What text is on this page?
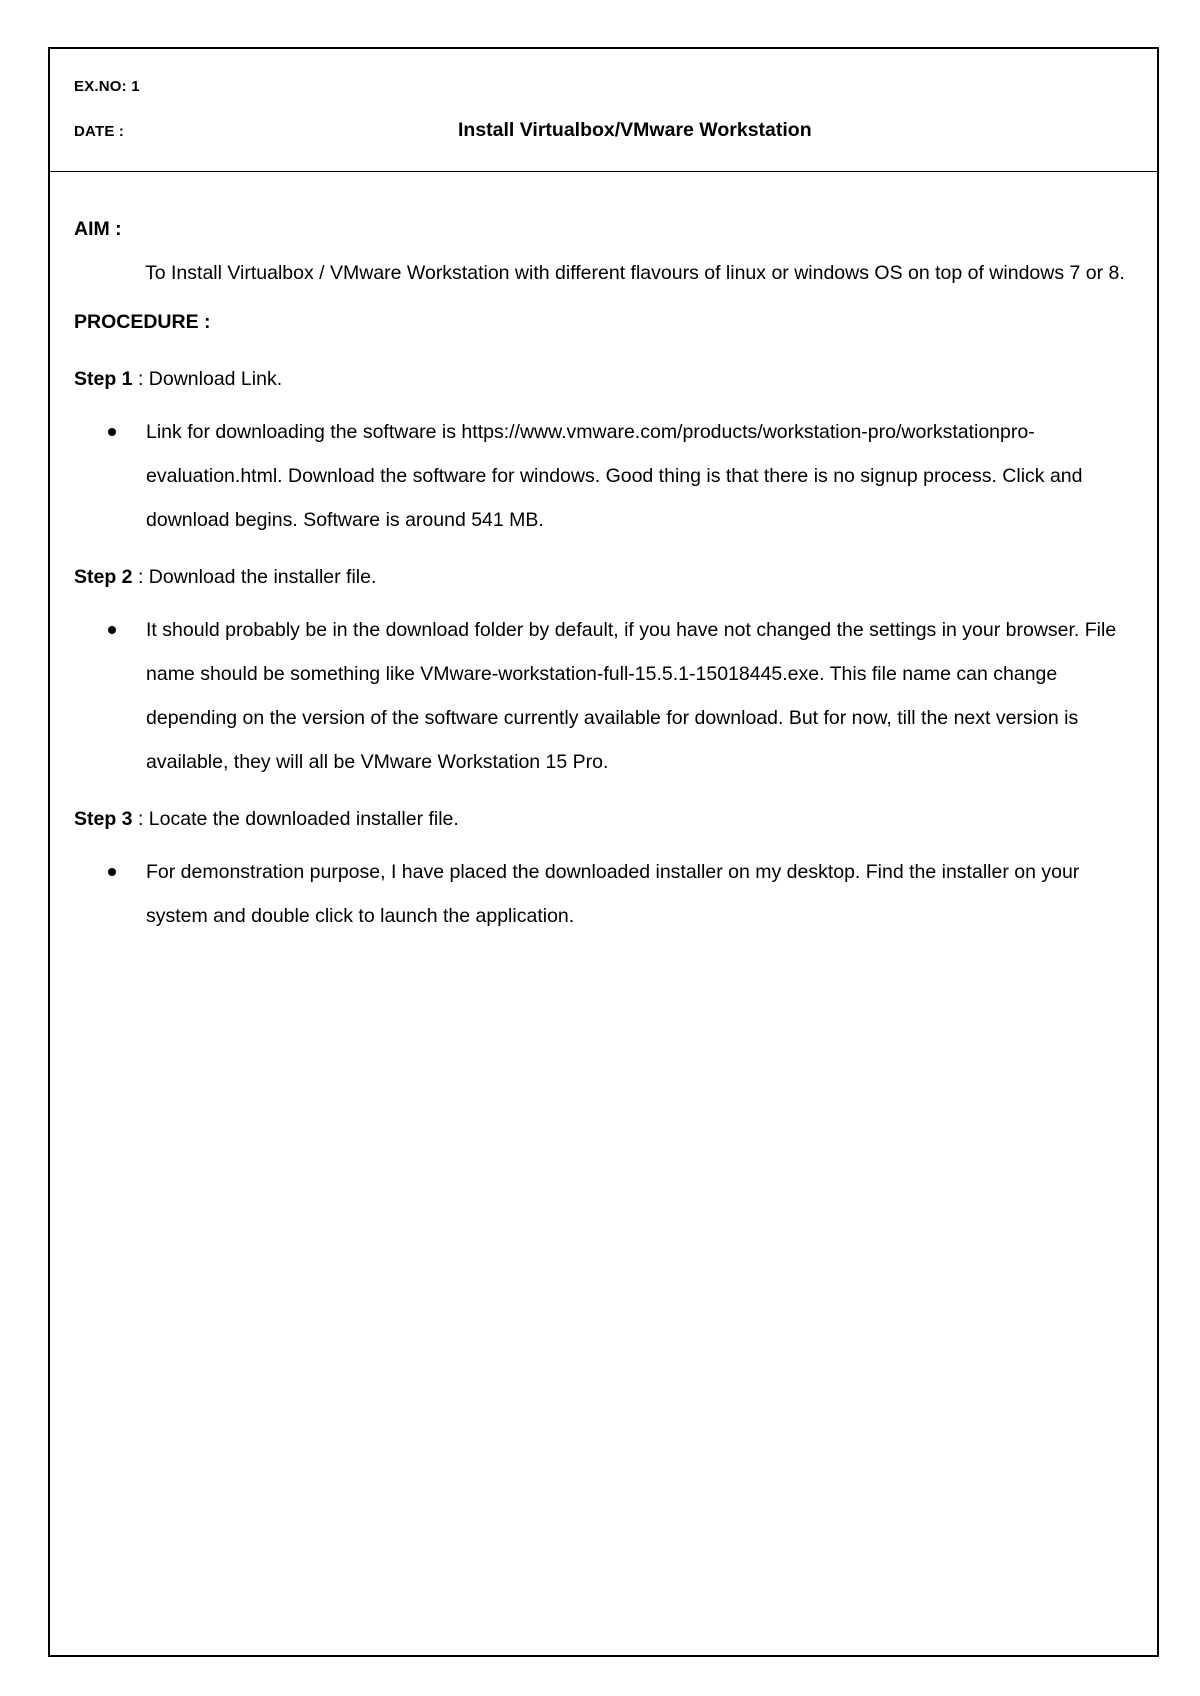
EX.NO: 1
DATE :	Install Virtualbox/VMware Workstation

AIM :

To Install Virtualbox / VMware Workstation with different flavours of linux or windows OS on top of windows 7 or 8.

PROCEDURE :

Step 1 : Download Link.

Link for downloading the software is https://www.vmware.com/products/workstation-pro/workstationpro-evaluation.html. Download the software for windows. Good thing is that there is no signup process. Click and download begins. Software is around 541 MB.

Step 2 : Download the installer file.

It should probably be in the download folder by default, if you have not changed the settings in your browser. File name should be something like VMware-workstation-full-15.5.1-15018445.exe. This file name can change depending on the version of the software currently available for download. But for now, till the next version is available, they will all be VMware Workstation 15 Pro.

Step 3 : Locate the downloaded installer file.

For demonstration purpose, I have placed the downloaded installer on my desktop. Find the installer on your system and double click to launch the application.
